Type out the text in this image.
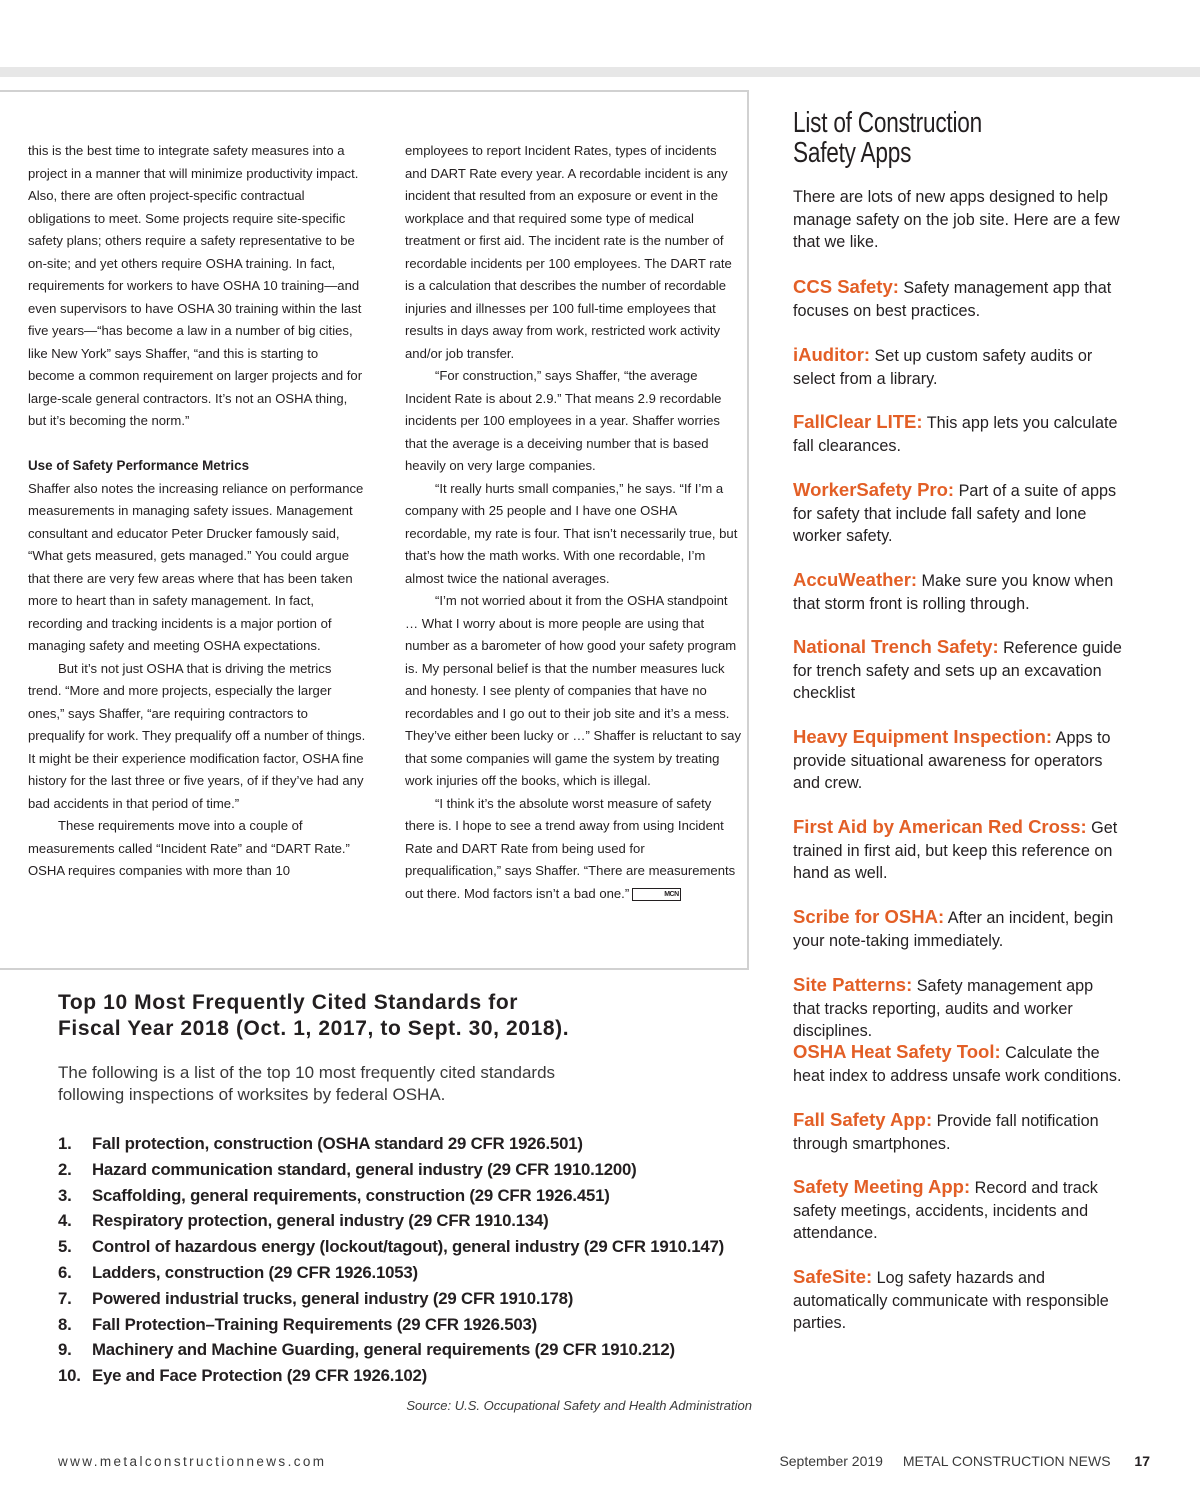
this is the best time to integrate safety measures into a project in a manner that will minimize productivity impact. Also, there are often project-specific contractual obligations to meet. Some projects require site-specific safety plans; others require a safety representative to be on-site; and yet others require OSHA training. In fact, requirements for workers to have OSHA 10 training—and even supervisors to have OSHA 30 training within the last five years—“has become a law in a number of big cities, like New York” says Shaffer, “and this is starting to become a common requirement on larger projects and for large-scale general contractors. It’s not an OSHA thing, but it’s becoming the norm.”

Use of Safety Performance Metrics

Shaffer also notes the increasing reliance on performance measurements in managing safety issues. Management consultant and educator Peter Drucker famously said, “What gets measured, gets managed.” You could argue that there are very few areas where that has been taken more to heart than in safety management. In fact, recording and tracking incidents is a major portion of managing safety and meeting OSHA expectations.

But it’s not just OSHA that is driving the metrics trend. “More and more projects, especially the larger ones,” says Shaffer, “are requiring contractors to prequalify for work. They prequalify off a number of things. It might be their experience modification factor, OSHA fine history for the last three or five years, of if they’ve had any bad accidents in that period of time.”

These requirements move into a couple of measurements called “Incident Rate” and “DART Rate.” OSHA requires companies with more than 10

employees to report Incident Rates, types of incidents and DART Rate every year. A recordable incident is any incident that resulted from an exposure or event in the workplace and that required some type of medical treatment or first aid. The incident rate is the number of recordable incidents per 100 employees. The DART rate is a calculation that describes the number of recordable injuries and illnesses per 100 full-time employees that results in days away from work, restricted work activity and/or job transfer.

“For construction,” says Shaffer, “the average Incident Rate is about 2.9.” That means 2.9 recordable incidents per 100 employees in a year. Shaffer worries that the average is a deceiving number that is based heavily on very large companies.

“It really hurts small companies,” he says. “If I’m a company with 25 people and I have one OSHA recordable, my rate is four. That isn’t necessarily true, but that’s how the math works. With one recordable, I’m almost twice the national averages.

“I’m not worried about it from the OSHA standpoint … What I worry about is more people are using that number as a barometer of how good your safety program is. My personal belief is that the number measures luck and honesty. I see plenty of companies that have no recordables and I go out to their job site and it’s a mess. They’ve either been lucky or …” Shaffer is reluctant to say that some companies will game the system by treating work injuries off the books, which is illegal.

“I think it’s the absolute worst measure of safety there is. I hope to see a trend away from using Incident Rate and DART Rate from being used for prequalification,” says Shaffer. “There are measurements out there. Mod factors isn’t a bad one.”	MCN

List of Construction
Safety Apps

There are lots of new apps designed to help manage safety on the job site. Here are a few that we like.

CCS Safety: Safety management app that focuses on best practices.

iAuditor: Set up custom safety audits or select from a library.

FallClear LITE: This app lets you calculate fall clearances.

WorkerSafety Pro: Part of a suite of apps for safety that include fall safety and lone worker safety.

AccuWeather: Make sure you know when that storm front is rolling through.

National Trench Safety: Reference guide for trench safety and sets up an excavation checklist

Heavy Equipment Inspection: Apps to provide situational awareness for operators and crew.

First Aid by American Red Cross: Get trained in first aid, but keep this reference on hand as well.

Scribe for OSHA: After an incident, begin your note-taking immediately.

Site Patterns: Safety management app that tracks reporting, audits and worker disciplines.

OSHA Heat Safety Tool: Calculate the heat index to address unsafe work conditions.

Fall Safety App: Provide fall notification through smartphones.

Safety Meeting App: Record and track safety meetings, accidents, incidents and attendance.

SafeSite: Log safety hazards and automatically communicate with responsible parties.

Top 10 Most Frequently Cited Standards for
Fiscal Year 2018 (Oct. 1, 2017, to Sept. 30, 2018).

The following is a list of the top 10 most frequently cited standards following inspections of worksites by federal OSHA.

1. Fall protection, construction (OSHA standard 29 CFR 1926.501)
2. Hazard communication standard, general industry (29 CFR 1910.1200)
3. Scaffolding, general requirements, construction (29 CFR 1926.451)
4. Respiratory protection, general industry (29 CFR 1910.134)
5. Control of hazardous energy (lockout/tagout), general industry (29 CFR 1910.147)
6. Ladders, construction (29 CFR 1926.1053)
7. Powered industrial trucks, general industry (29 CFR 1910.178)
8. Fall Protection–Training Requirements (29 CFR 1926.503)
9. Machinery and Machine Guarding, general requirements (29 CFR 1910.212)
10. Eye and Face Protection (29 CFR 1926.102)
Source: U.S. Occupational Safety and Health Administration
www.metalconstructionnews.com	September 2019 METAL CONSTRUCTION NEWS 17
